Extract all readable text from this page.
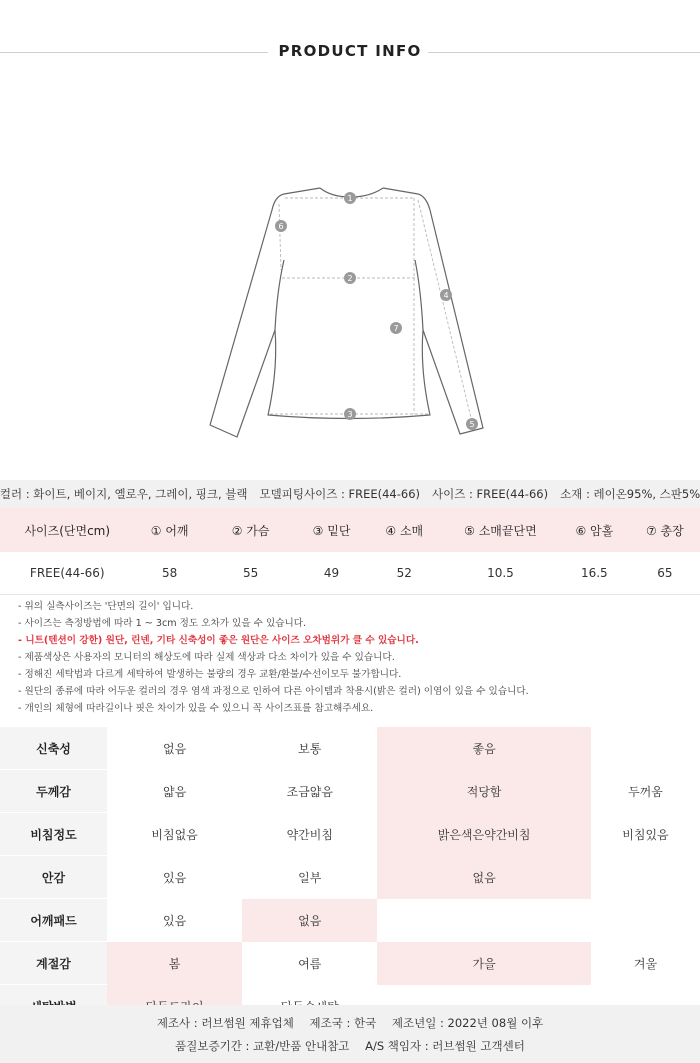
PRODUCT INFO
1
2
3
4
5
6
7
컬러 : 화이트, 베이지, 옐로우, 그레이, 핑크, 블랙 모델피팅사이즈 : FREE(44-66) 사이즈 : FREE(44-66) 소재 : 레이온95%, 스판5%
사이즈(단면cm)	① 어깨	② 가슴	③ 밑단	④ 소매	⑤ 소매끝단면	⑥ 암홀	⑦ 총장
FREE(44-66)	58	55	49	52	10.5	16.5	65
- 위의 실측사이즈는 '단면의 길이' 입니다.
- 사이즈는 측정방법에 따라 1 ~ 3cm 정도 오차가 있을 수 있습니다.
- 니트(텐션이 강한) 원단, 린넨, 기타 신축성이 좋은 원단은 사이즈 오차범위가 클 수 있습니다.
- 제품색상은 사용자의 모니터의 해상도에 따라 실제 색상과 다소 차이가 있을 수 있습니다.
- 정해진 세탁법과 다르게 세탁하여 발생하는 불량의 경우 교환/환불/수선이모두 불가합니다.
- 원단의 종류에 따라 어두운 컬러의 경우 염색 과정으로 인하여 다른 아이템과 착용시(밝은 컬러) 이염이 있을 수 있습니다.
- 개인의 체형에 따라길이나 핏은 차이가 있을 수 있으니 꼭 사이즈표를 참고해주세요.
신축성	없음	보통	좋음	
두께감	얇음	조금얇음	적당함	두꺼움
비침정도	비침없음	약간비침	밝은색은약간비침	비침있음
안감	있음	일부	없음	
어깨패드	있음	없음		
계절감	봄	여름	가을	겨울

제조사 : 러브썸원 제휴업체 제조국 : 한국 제조년일 : 2022년 08월 이후
품질보증기간 : 교환/반품 안내참고 A/S 책임자 : 러브썸원 고객센터
